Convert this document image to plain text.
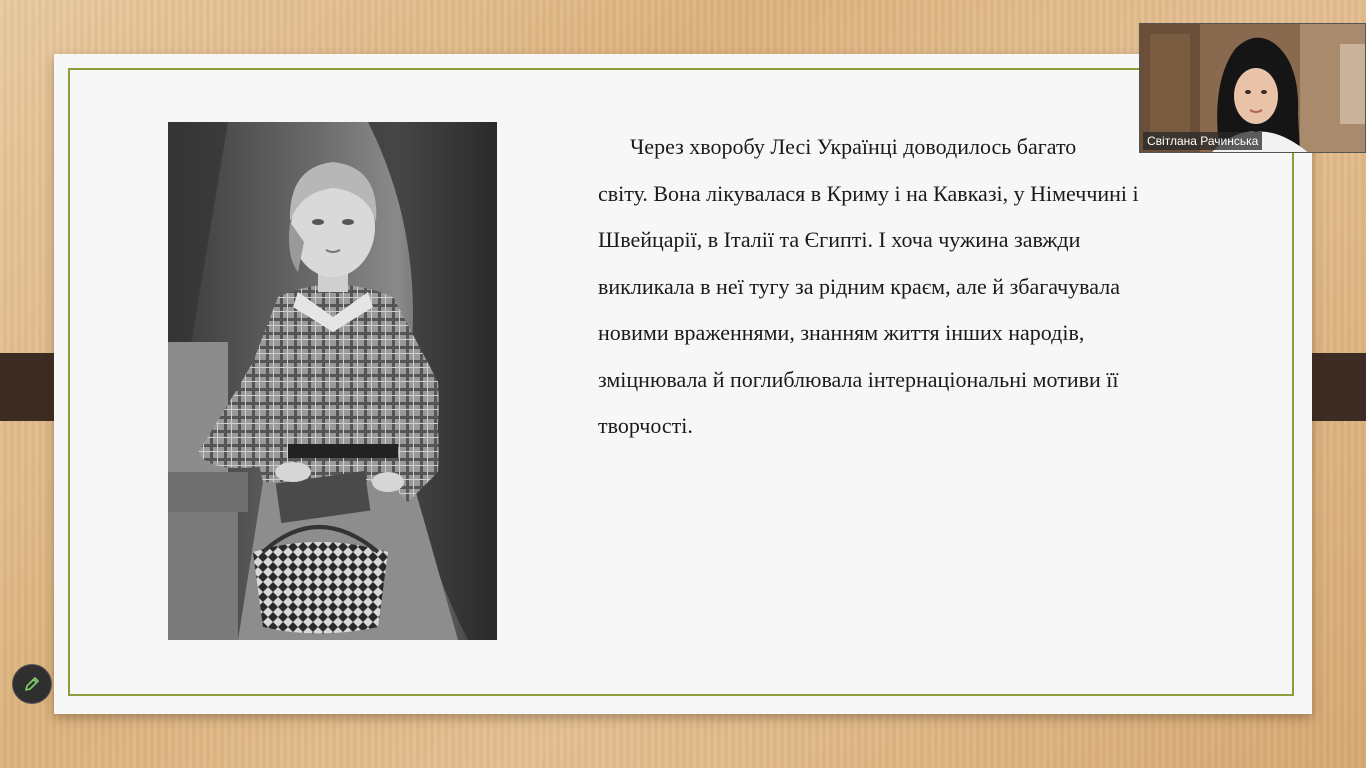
Через хворобу Лесі Українці доводилось багато
світу. Вона лікувалася в Криму і на Кавказі, у Німеччині і
Швейцарії, в Італії та Єгипті. І хоча чужина завжди
викликала в неї тугу за рідним краєм, але й збагачувала
новими враженнями, знанням життя інших народів,
зміцнювала й поглиблювала інтернаціональні мотиви її
творчості.
Світлана Рачинська
